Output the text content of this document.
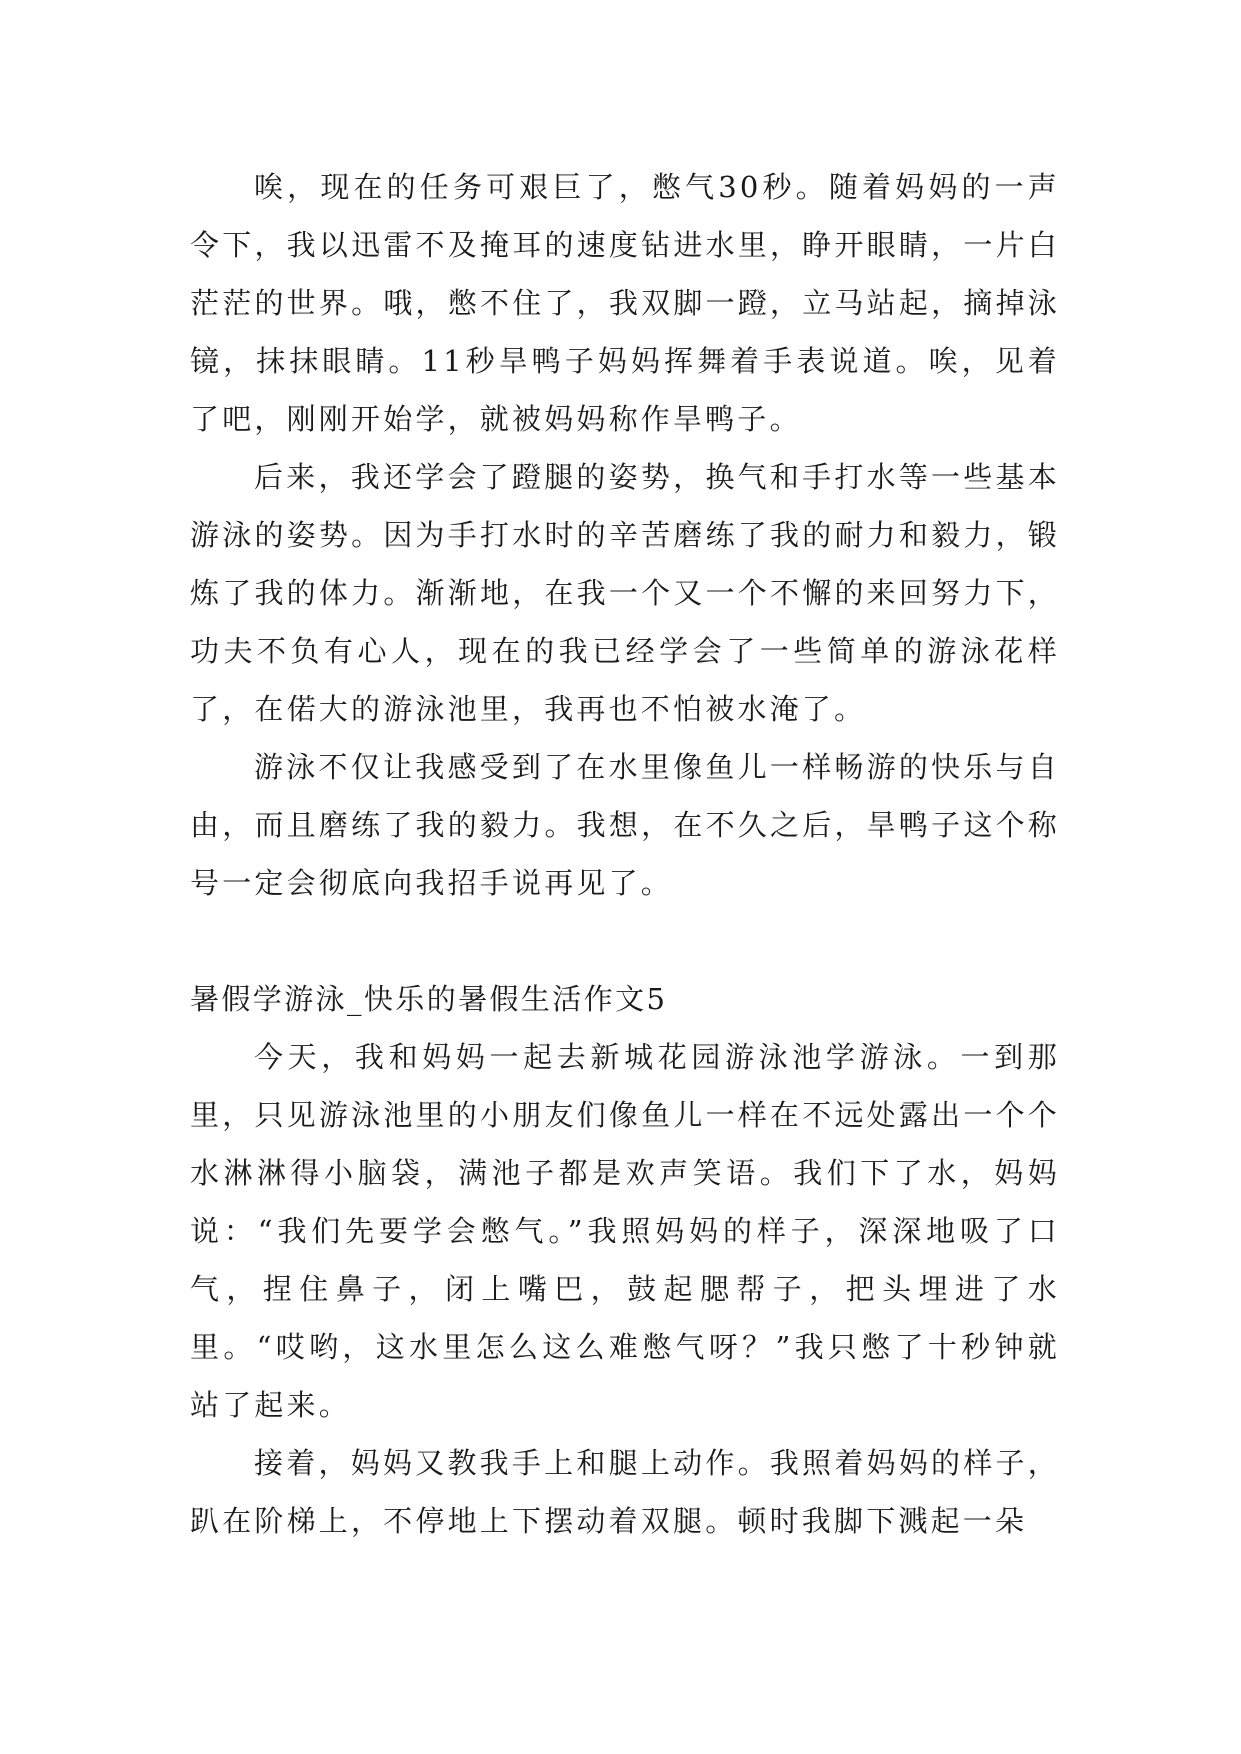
唉，现在的任务可艰巨了，憋气30秒。随着妈妈的一声令下，我以迅雷不及掩耳的速度钻进水里，睁开眼睛，一片白茫茫的世界。哦，憋不住了，我双脚一蹬，立马站起，摘掉泳镜，抹抹眼睛。11秒旱鸭子妈妈挥舞着手表说道。唉，见着了吧，刚刚开始学，就被妈妈称作旱鸭子。

后来，我还学会了蹬腿的姿势，换气和手打水等一些基本游泳的姿势。因为手打水时的辛苦磨练了我的耐力和毅力，锻炼了我的体力。渐渐地，在我一个又一个不懈的来回努力下，功夫不负有心人，现在的我已经学会了一些简单的游泳花样了，在偌大的游泳池里，我再也不怕被水淹了。

游泳不仅让我感受到了在水里像鱼儿一样畅游的快乐与自由，而且磨练了我的毅力。我想，在不久之后，旱鸭子这个称号一定会彻底向我招手说再见了。

暑假学游泳_快乐的暑假生活作文5

今天，我和妈妈一起去新城花园游泳池学游泳。一到那里，只见游泳池里的小朋友们像鱼儿一样在不远处露出一个个水淋淋得小脑袋，满池子都是欢声笑语。我们下了水，妈妈说：“我们先要学会憋气。”我照妈妈的样子，深深地吸了口气，捏住鼻子，闭上嘴巴，鼓起腮帮子，把头埋进了水里。“哎哟，这水里怎么这么难憋气呀？”我只憋了十秒钟就站了起来。

接着，妈妈又教我手上和腿上动作。我照着妈妈的样子，趴在阶梯上，不停地上下摆动着双腿。顿时我脚下溅起一朵
